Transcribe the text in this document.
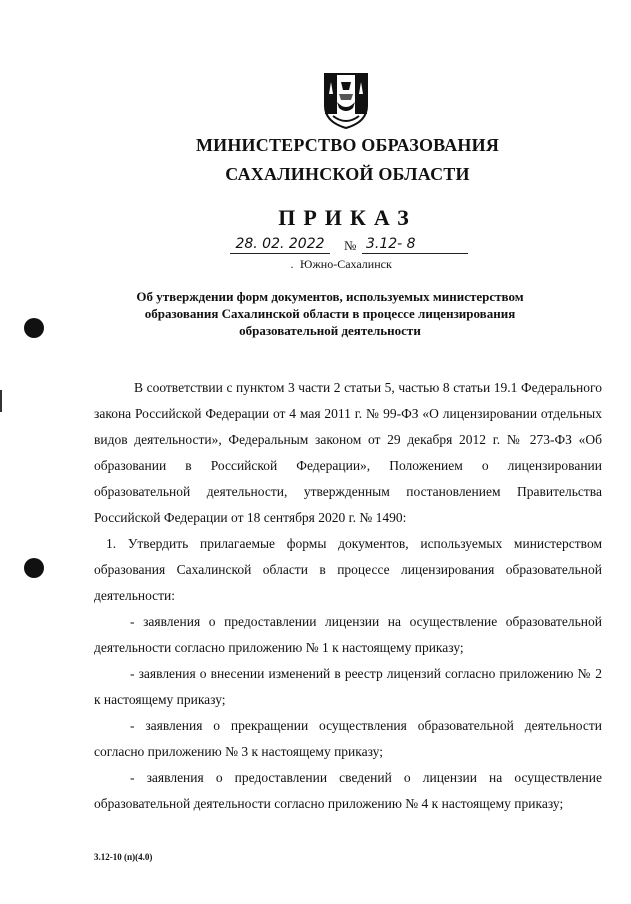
МИНИСТЕРСТВО ОБРАЗОВАНИЯ
САХАЛИНСКОЙ ОБЛАСТИ
ПРИКАЗ
28. 02. 2022	№ 3.12- 8
· Южно-Сахалинск
Об утверждении форм документов, используемых министерством образования Сахалинской области в процессе лицензирования образовательной деятельности

В соответствии с пунктом 3 части 2 статьи 5, частью 8 статьи 19.1 Федерального закона Российской Федерации от 4 мая 2011 г. № 99-ФЗ «О лицензировании отдельных видов деятельности», Федеральным законом от 29 декабря 2012 г. № 273-ФЗ «Об образовании в Российской Федерации», Положением о лицензировании образовательной деятельности, утвержденным постановлением Правительства Российской Федерации от 18 сентября 2020 г. № 1490:

1. Утвердить прилагаемые формы документов, используемых министерством образования Сахалинской области в процессе лицензирования образовательной деятельности:

- заявления о предоставлении лицензии на осуществление образовательной деятельности согласно приложению № 1 к настоящему приказу;

- заявления о внесении изменений в реестр лицензий согласно приложению № 2 к настоящему приказу;

- заявления о прекращении осуществления образовательной деятельности согласно приложению № 3 к настоящему приказу;

- заявления о предоставлении сведений о лицензии на осуществление образовательной деятельности согласно приложению № 4 к настоящему приказу;

3.12-10 (п)(4.0)
